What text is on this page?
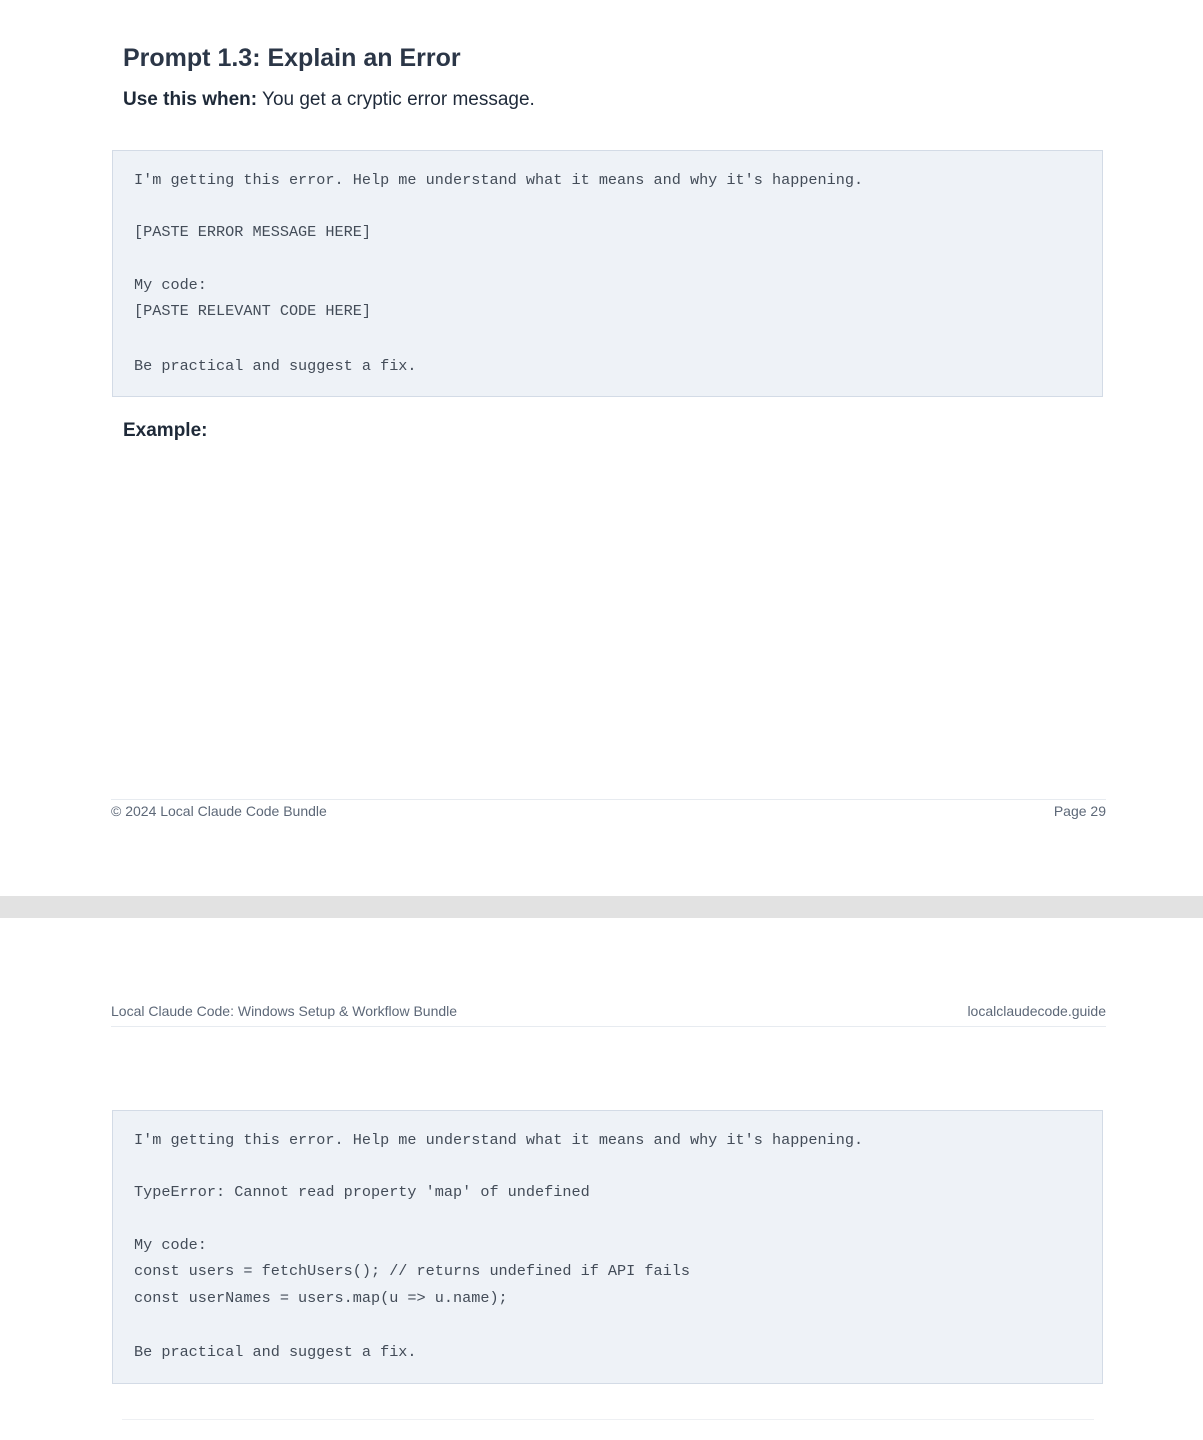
Prompt 1.3: Explain an Error
Use this when: You get a cryptic error message.
I'm getting this error. Help me understand what it means and why it's happening.
[PASTE ERROR MESSAGE HERE]
My code:
[PASTE RELEVANT CODE HERE]
Be practical and suggest a fix.
Example:
© 2024 Local Claude Code Bundle	Page 29
Local Claude Code: Windows Setup & Workflow Bundle	localclaudecode.guide
I'm getting this error. Help me understand what it means and why it's happening.
TypeError: Cannot read property 'map' of undefined
My code:
const users = fetchUsers(); // returns undefined if API fails
const userNames = users.map(u => u.name);
Be practical and suggest a fix.
